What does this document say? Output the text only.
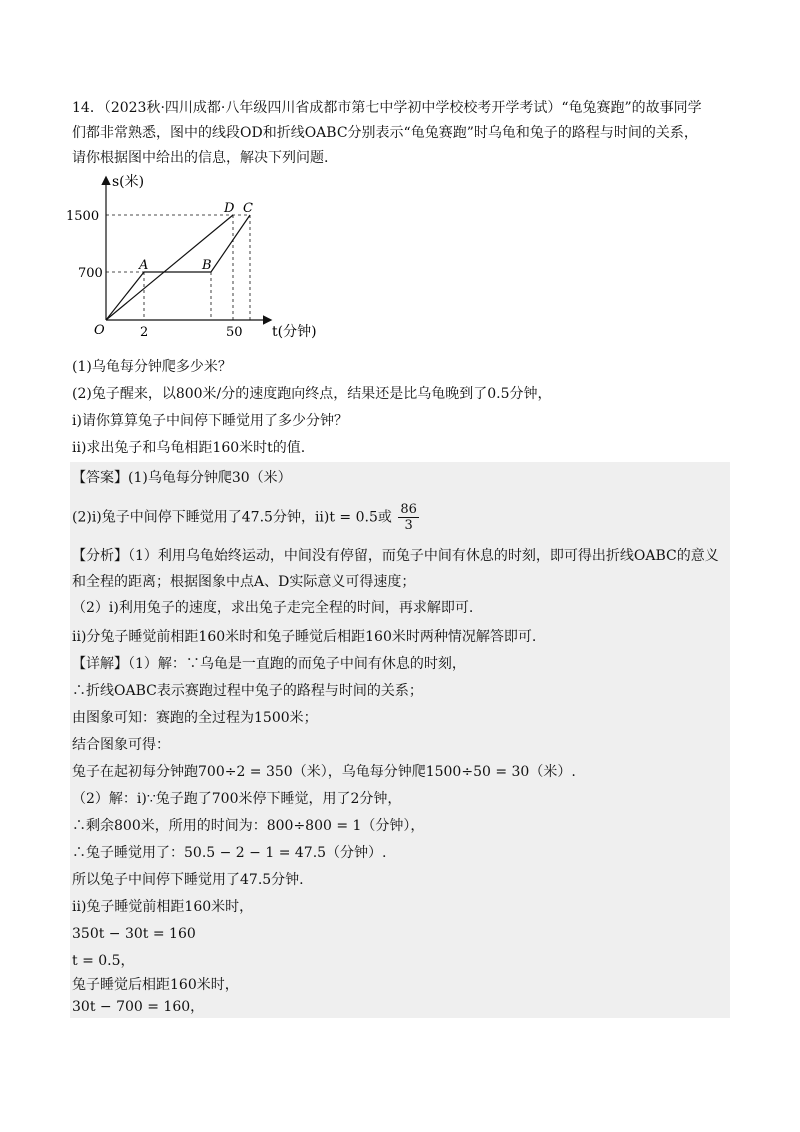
14．（2023秋·四川成都·八年级四川省成都市第七中学初中学校校考开学考试）“龟兔赛跑”的故事同学
们都非常熟悉，图中的线段OD和折线OABC分别表示“龟兔赛跑”时乌龟和兔子的路程与时间的关系，
请你根据图中给出的信息，解决下列问题.
s(米)
1500
700
2	50 t(分钟)
O
A	B
D C
(1)乌龟每分钟爬多少米？
(2)兔子醒来，以800米/分的速度跑向终点，结果还是比乌龟晚到了0.5分钟，
i)请你算算兔子中间停下睡觉用了多少分钟？
ii)求出兔子和乌龟相距160米时t的值.
【答案】(1)乌龟每分钟爬30（米）
(2)i)兔子中间停下睡觉用了47.5分钟，ii)t = 0.5或 $\frac{86}{3}$
【分析】（1）利用乌龟始终运动，中间没有停留，而兔子中间有休息的时刻，即可得出折线OABC的意义
和全程的距离；根据图象中点A、D实际意义可得速度；
（2）i)利用兔子的速度，求出兔子走完全程的时间，再求解即可.
ii)分兔子睡觉前相距160米时和兔子睡觉后相距160米时两种情况解答即可.
【详解】（1）解：∵乌龟是一直跑的而兔子中间有休息的时刻，
∴折线OABC表示赛跑过程中兔子的路程与时间的关系；
由图象可知：赛跑的全过程为1500米；
结合图象可得：
兔子在起初每分钟跑700÷2 = 350（米），乌龟每分钟爬1500÷50 = 30（米）.
（2）解：i)∵兔子跑了700米停下睡觉，用了2分钟，
∴剩余800米，所用的时间为：800÷800 = 1（分钟），
∴兔子睡觉用了：50.5 − 2 − 1 = 47.5（分钟）.
所以兔子中间停下睡觉用了47.5分钟.
ii)兔子睡觉前相距160米时，
350t − 30t = 160
t = 0.5，
兔子睡觉后相距160米时，
30t − 700 = 160，
